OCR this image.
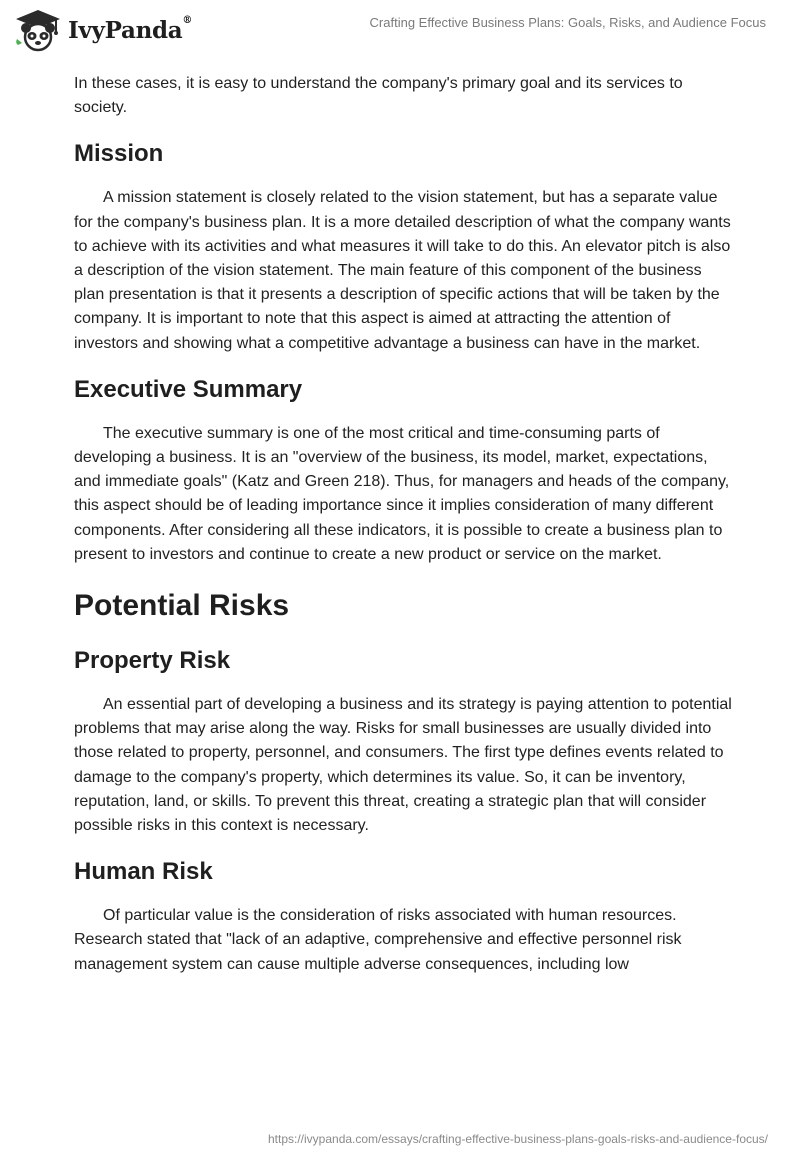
IvyPanda®	Crafting Effective Business Plans: Goals, Risks, and Audience Focus

In these cases, it is easy to understand the company's primary goal and its services to society.

Mission

A mission statement is closely related to the vision statement, but has a separate value for the company's business plan. It is a more detailed description of what the company wants to achieve with its activities and what measures it will take to do this. An elevator pitch is also a description of the vision statement. The main feature of this component of the business plan presentation is that it presents a description of specific actions that will be taken by the company. It is important to note that this aspect is aimed at attracting the attention of investors and showing what a competitive advantage a business can have in the market.

Executive Summary

The executive summary is one of the most critical and time-consuming parts of developing a business. It is an "overview of the business, its model, market, expectations, and immediate goals" (Katz and Green 218). Thus, for managers and heads of the company, this aspect should be of leading importance since it implies consideration of many different components. After considering all these indicators, it is possible to create a business plan to present to investors and continue to create a new product or service on the market.

Potential Risks
Property Risk

An essential part of developing a business and its strategy is paying attention to potential problems that may arise along the way. Risks for small businesses are usually divided into those related to property, personnel, and consumers. The first type defines events related to damage to the company's property, which determines its value. So, it can be inventory, reputation, land, or skills. To prevent this threat, creating a strategic plan that will consider possible risks in this context is necessary.

Human Risk

Of particular value is the consideration of risks associated with human resources. Research stated that "lack of an adaptive, comprehensive and effective personnel risk management system can cause multiple adverse consequences, including low

https://ivypanda.com/essays/crafting-effective-business-plans-goals-risks-and-audience-focus/
